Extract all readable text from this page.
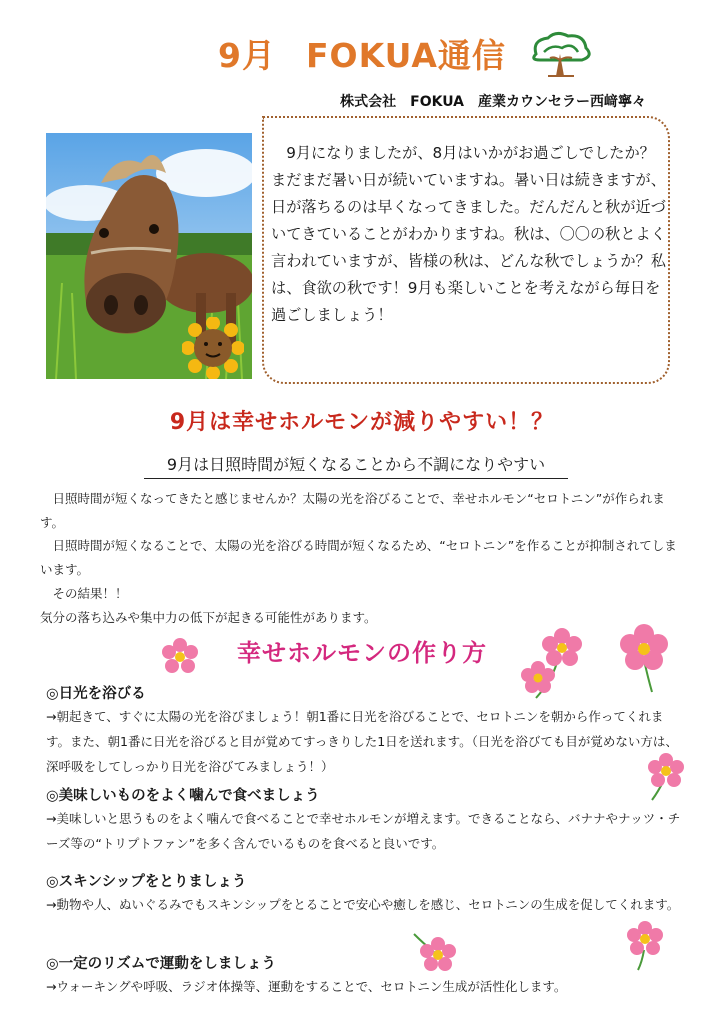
9月 FOKUA通信
株式会社　FOKUA　産業カウンセラー西﨑寧々
　9月になりましたが、8月はいかがお過ごしでしたか？まだまだ暑い日が続いていますね。暑い日は続きますが、日が落ちるのは早くなってきました。だんだんと秋が近づいてきていることがわかりますね。秋は、〇〇の秋とよく言われていますが、皆様の秋は、どんな秋でしょうか？私は、食欲の秋です！9月も楽しいことを考えながら毎日を過ごしましょう！
9月は幸せホルモンが減りやすい！？
9月は日照時間が短くなることから不調になりやすい

　日照時間が短くなってきたと感じませんか？太陽の光を浴びることで、幸せホルモン“セロトニン”が作られます。

　日照時間が短くなることで、太陽の光を浴びる時間が短くなるため、“セロトニン”を作ることが抑制されてしまいます。

　その結果！！

気分の落ち込みや集中力の低下が起きる可能性があります。

幸せホルモンの作り方
◎日光を浴びる
→朝起きて、すぐに太陽の光を浴びましょう！朝1番に日光を浴びることで、セロトニンを朝から作ってくれます。また、朝1番に日光を浴びると目が覚めてすっきりした1日を送れます。（日光を浴びても目が覚めない方は、深呼吸をしてしっかり日光を浴びてみましょう！）
◎美味しいものをよく噛んで食べましょう
→美味しいと思うものをよく噛んで食べることで幸せホルモンが増えます。できることなら、バナナやナッツ・チーズ等の“トリプトファン”を多く含んでいるものを食べると良いです。
◎スキンシップをとりましょう
→動物や人、ぬいぐるみでもスキンシップをとることで安心や癒しを感じ、セロトニンの生成を促してくれます。
◎一定のリズムで運動をしましょう
→ウォーキングや呼吸、ラジオ体操等、運動をすることで、セロトニン生成が活性化します。
